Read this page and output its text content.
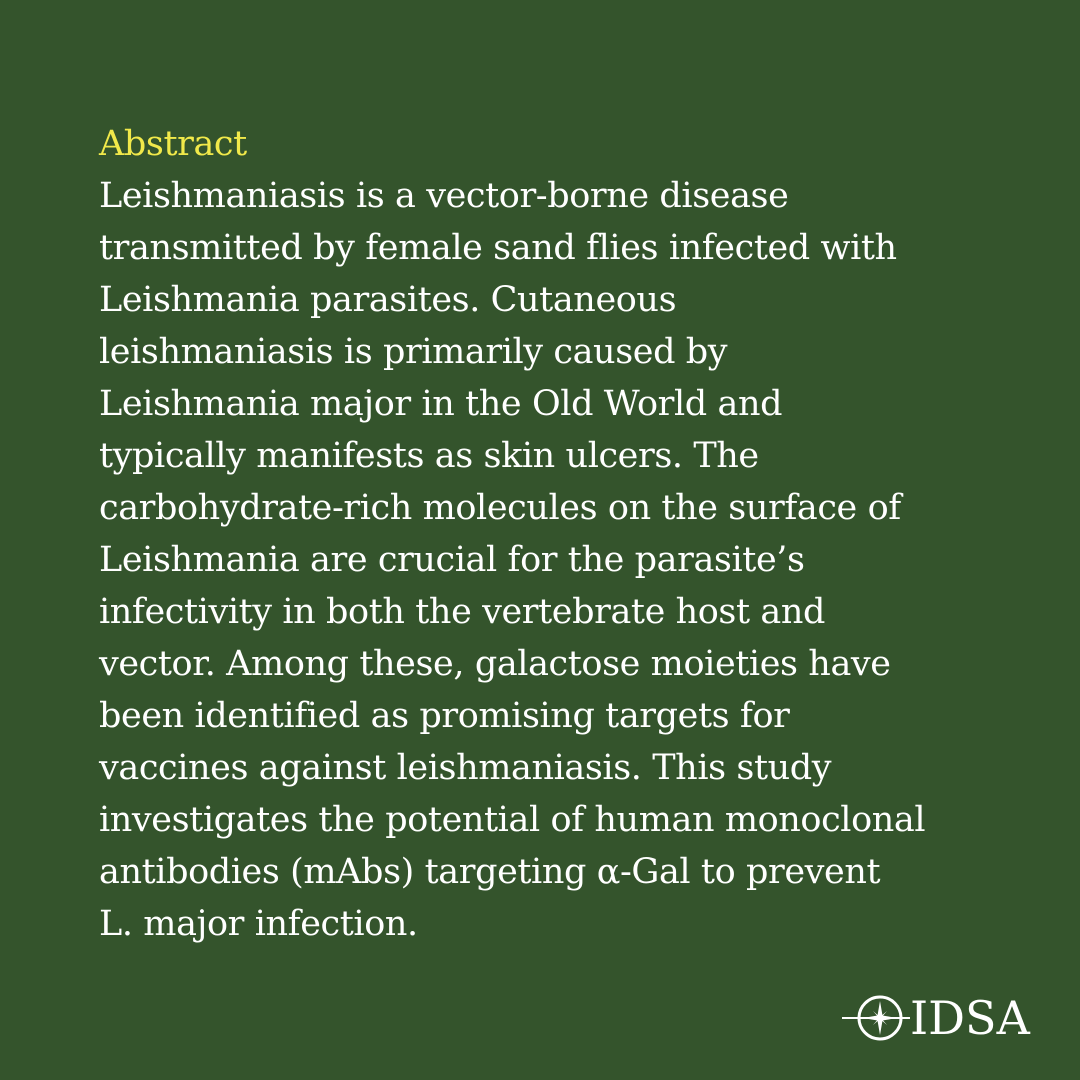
Abstract
Leishmaniasis is a vector-borne disease
transmitted by female sand flies infected with
Leishmania parasites. Cutaneous
leishmaniasis is primarily caused by
Leishmania major in the Old World and
typically manifests as skin ulcers. The
carbohydrate-rich molecules on the surface of
Leishmania are crucial for the parasite’s
infectivity in both the vertebrate host and
vector. Among these, galactose moieties have
been identified as promising targets for
vaccines against leishmaniasis. This study
investigates the potential of human monoclonal
antibodies (mAbs) targeting α-Gal to prevent
L. major infection.
IDSA
